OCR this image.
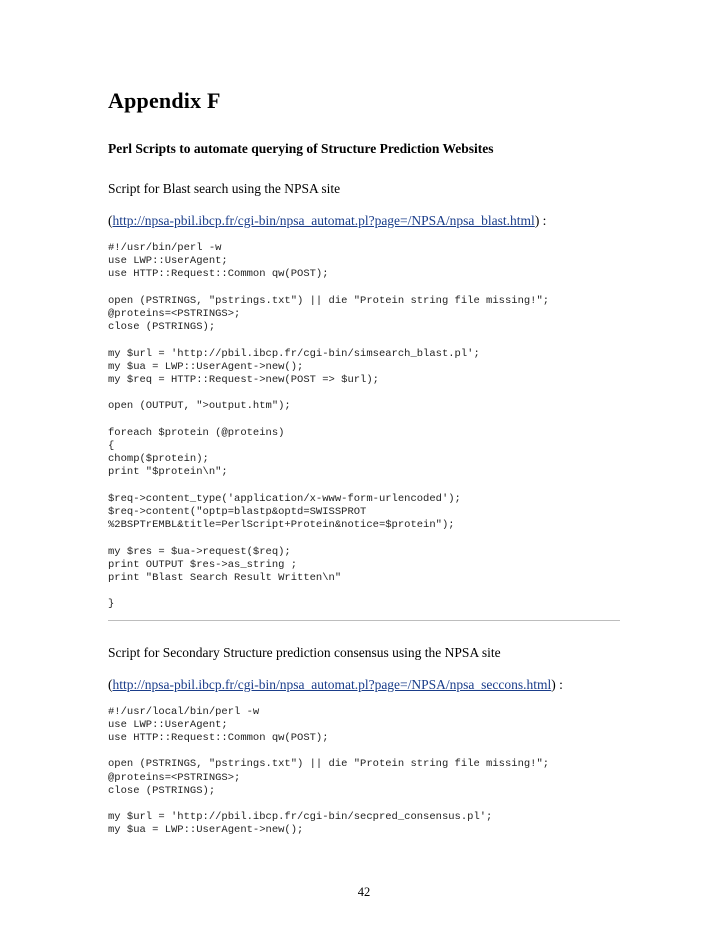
Appendix F

Perl Scripts to automate querying of Structure Prediction Websites

Script for Blast search using the NPSA site

(http://npsa-pbil.ibcp.fr/cgi-bin/npsa_automat.pl?page=/NPSA/npsa_blast.html) :

#!/usr/bin/perl -w
use LWP::UserAgent;
use HTTP::Request::Common qw(POST);
open (PSTRINGS, "pstrings.txt") || die "Protein string file missing!";
@proteins=<PSTRINGS>;
close (PSTRINGS);
my $url = 'http://pbil.ibcp.fr/cgi-bin/simsearch_blast.pl';
my $ua = LWP::UserAgent->new();
my $req = HTTP::Request->new(POST => $url);
open (OUTPUT, ">output.htm");
foreach $protein (@proteins)
{
chomp($protein);
print "$protein\n";
$req->content_type('application/x-www-form-urlencoded');
$req->content("optp=blastp&optd=SWISSPROT
%2BSPTrEMBL&title=PerlScript+Protein&notice=$protein");
my $res = $ua->request($req);
print OUTPUT $res->as_string ;
print "Blast Search Result Written\n"
}

Script for Secondary Structure prediction consensus using the NPSA site

(http://npsa-pbil.ibcp.fr/cgi-bin/npsa_automat.pl?page=/NPSA/npsa_seccons.html) :

#!/usr/local/bin/perl -w
use LWP::UserAgent;
use HTTP::Request::Common qw(POST);
open (PSTRINGS, "pstrings.txt") || die "Protein string file missing!";
@proteins=<PSTRINGS>;
close (PSTRINGS);
my $url = 'http://pbil.ibcp.fr/cgi-bin/secpred_consensus.pl';
my $ua = LWP::UserAgent->new();
42
